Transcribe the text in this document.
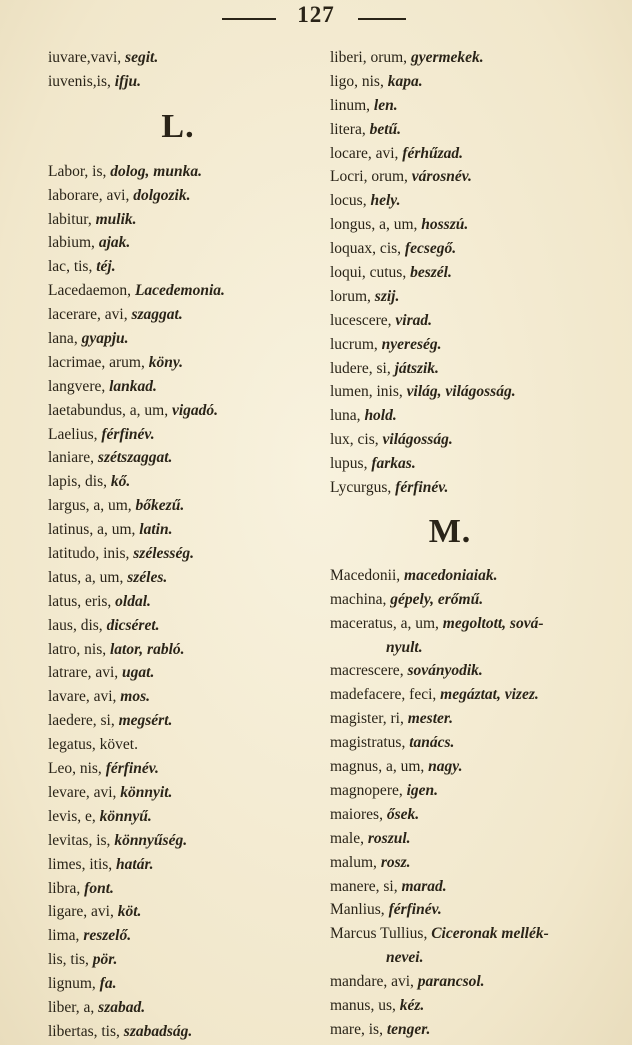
127
iuvare,vavi, segit.
iuvenis,is, ifju.
L.
Labor, is, dolog, munka.
laborare, avi, dolgozik.
labitur, mulik.
labium, ajak.
lac, tis, téj.
Lacedaemon, Lacedemonia.
lacerare, avi, szaggat.
lana, gyapju.
lacrimae, arum, köny.
langvere, lankad.
laetabundus, a, um, vigadó.
Laelius, férfinév.
laniare, szétszaggat.
lapis, dis, kő.
largus, a, um, bőkezű.
latinus, a, um, latin.
latitudo, inis, szélesség.
latus, a, um, széles.
latus, eris, oldal.
laus, dis, dicséret.
latro, nis, lator, rabló.
latrare, avi, ugat.
lavare, avi, mos.
laedere, si, megsért.
legatus, követ.
Leo, nis, férfinév.
levare, avi, könnyit.
levis, e, könnyű.
levitas, is, könnyűség.
limes, itis, határ.
libra, font.
ligare, avi, köt.
lima, reszelő.
lis, tis, pör.
lignum, fa.
liber, a, szabad.
libertas, tis, szabadság.
liberi, orum, gyermekek.
ligo, nis, kapa.
linum, len.
litera, betű.
locare, avi, férhűzad.
Locri, orum, városnév.
locus, hely.
longus, a, um, hosszú.
loquax, cis, fecsegő.
loqui, cutus, beszél.
lorum, szij.
lucescere, virad.
lucrum, nyereség.
ludere, si, játszik.
lumen, inis, világ, világosság.
luna, hold.
lux, cis, világosság.
lupus, farkas.
Lycurgus, férfinév.
M.
Macedonii, macedoniaiak.
machina, gépely, erőmű.
maceratus, a, um, megoltott, sová-
nyult.
macrescere, soványodik.
madefacere, feci, megáztat, vizez.
magister, ri, mester.
magistratus, tanács.
magnus, a, um, nagy.
magnopere, igen.
maiores, ősek.
male, roszul.
malum, rosz.
manere, si, marad.
Manlius, férfinév.
Marcus Tullius, Ciceronak mellék-
nevei.
mandare, avi, parancsol.
manus, us, kéz.
mare, is, tenger.
